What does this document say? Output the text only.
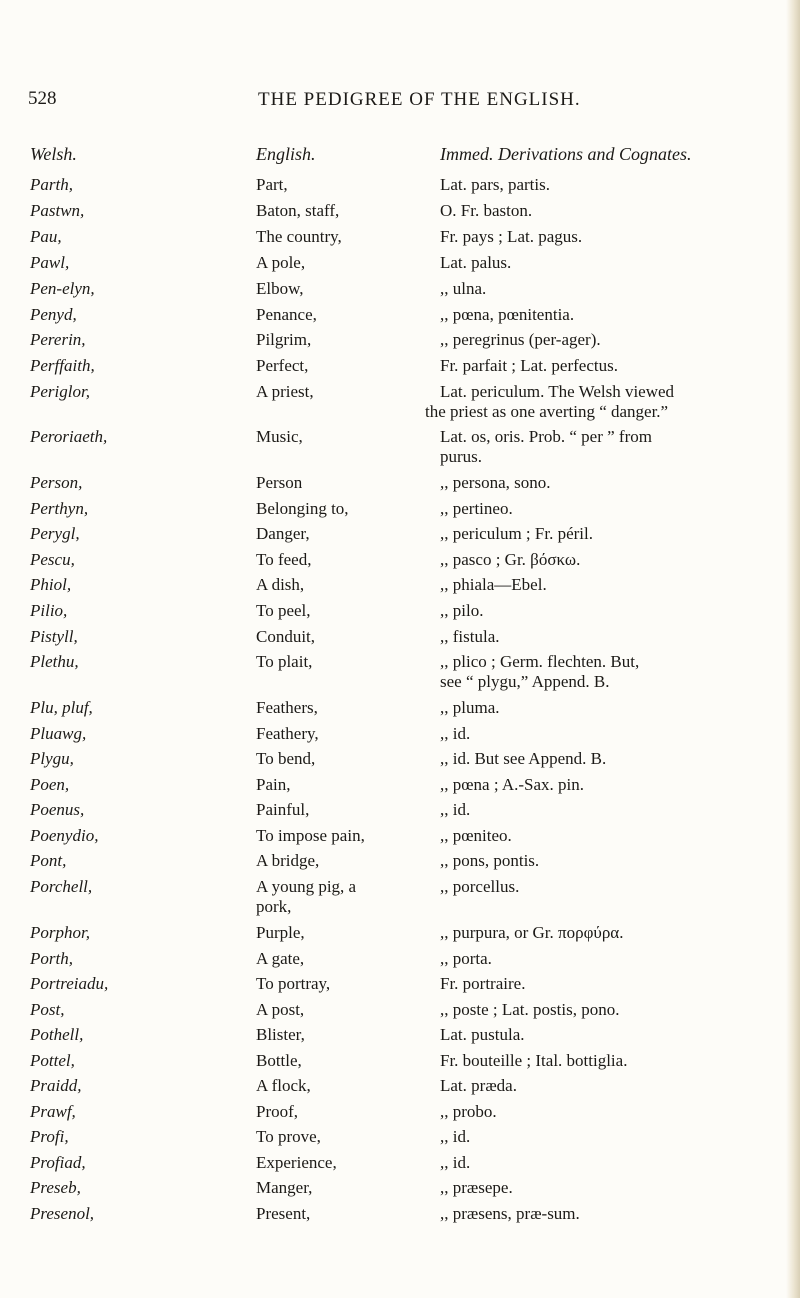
528	THE PEDIGREE OF THE ENGLISH.
Welsh.	English.	Immed. Derivations and Cognates.
Parth,	Part,	Lat. pars, partis.
Pastwn,	Baton, staff,	O. Fr. baston.
Pau,	The country,	Fr. pays ; Lat. pagus.
Pawl,	A pole,	Lat. palus.
Pen-elyn,	Elbow,	,, ulna.
Penyd,	Penance,	,, pœna, pœnitentia.
Pererin,	Pilgrim,	,, peregrinus (per-ager).
Perffaith,	Perfect,	Fr. parfait ; Lat. perfectus.
Periglor,	A priest,	Lat. periculum. The Welsh viewed
the priest as one averting “ danger.”
Peroriaeth,	Music,	Lat. os, oris. Prob. “ per ” from
purus.
Person,	Person	,, persona, sono.
Perthyn,	Belonging to,	,, pertineo.
Perygl,	Danger,	,, periculum ; Fr. péril.
Pescu,	To feed,	,, pasco ; Gr. βόσκω.
Phiol,	A dish,	,, phiala—Ebel.
Pilio,	To peel,	,, pilo.
Pistyll,	Conduit,	,, fistula.
Plethu,	To plait,	,, plico ; Germ. flechten. But,
see “ plygu,” Append. B.
Plu, pluf,	Feathers,	,, pluma.
Pluawg,	Feathery,	,, id.
Plygu,	To bend,	,, id. But see Append. B.
Poen,	Pain,	,, pœna ; A.-Sax. pin.
Poenus,	Painful,	,, id.
Poenydio,	To impose pain,	,, pœniteo.
Pont,	A bridge,	,, pons, pontis.
Porchell,	A young pig, a	,, porcellus.
pork,
Porphor,	Purple,	,, purpura, or Gr. πορφύρα.
Porth,	A gate,	,, porta.
Portreiadu,	To portray,	Fr. portraire.
Post,	A post,	,, poste ; Lat. postis, pono.
Pothell,	Blister,	Lat. pustula.
Pottel,	Bottle,	Fr. bouteille ; Ital. bottiglia.
Praidd,	A flock,	Lat. præda.
Prawf,	Proof,	,, probo.
Profi,	To prove,	,, id.
Profiad,	Experience,	,, id.
Preseb,	Manger,	,, præsepe.
Presenol,	Present,	,, præsens, præ-sum.
